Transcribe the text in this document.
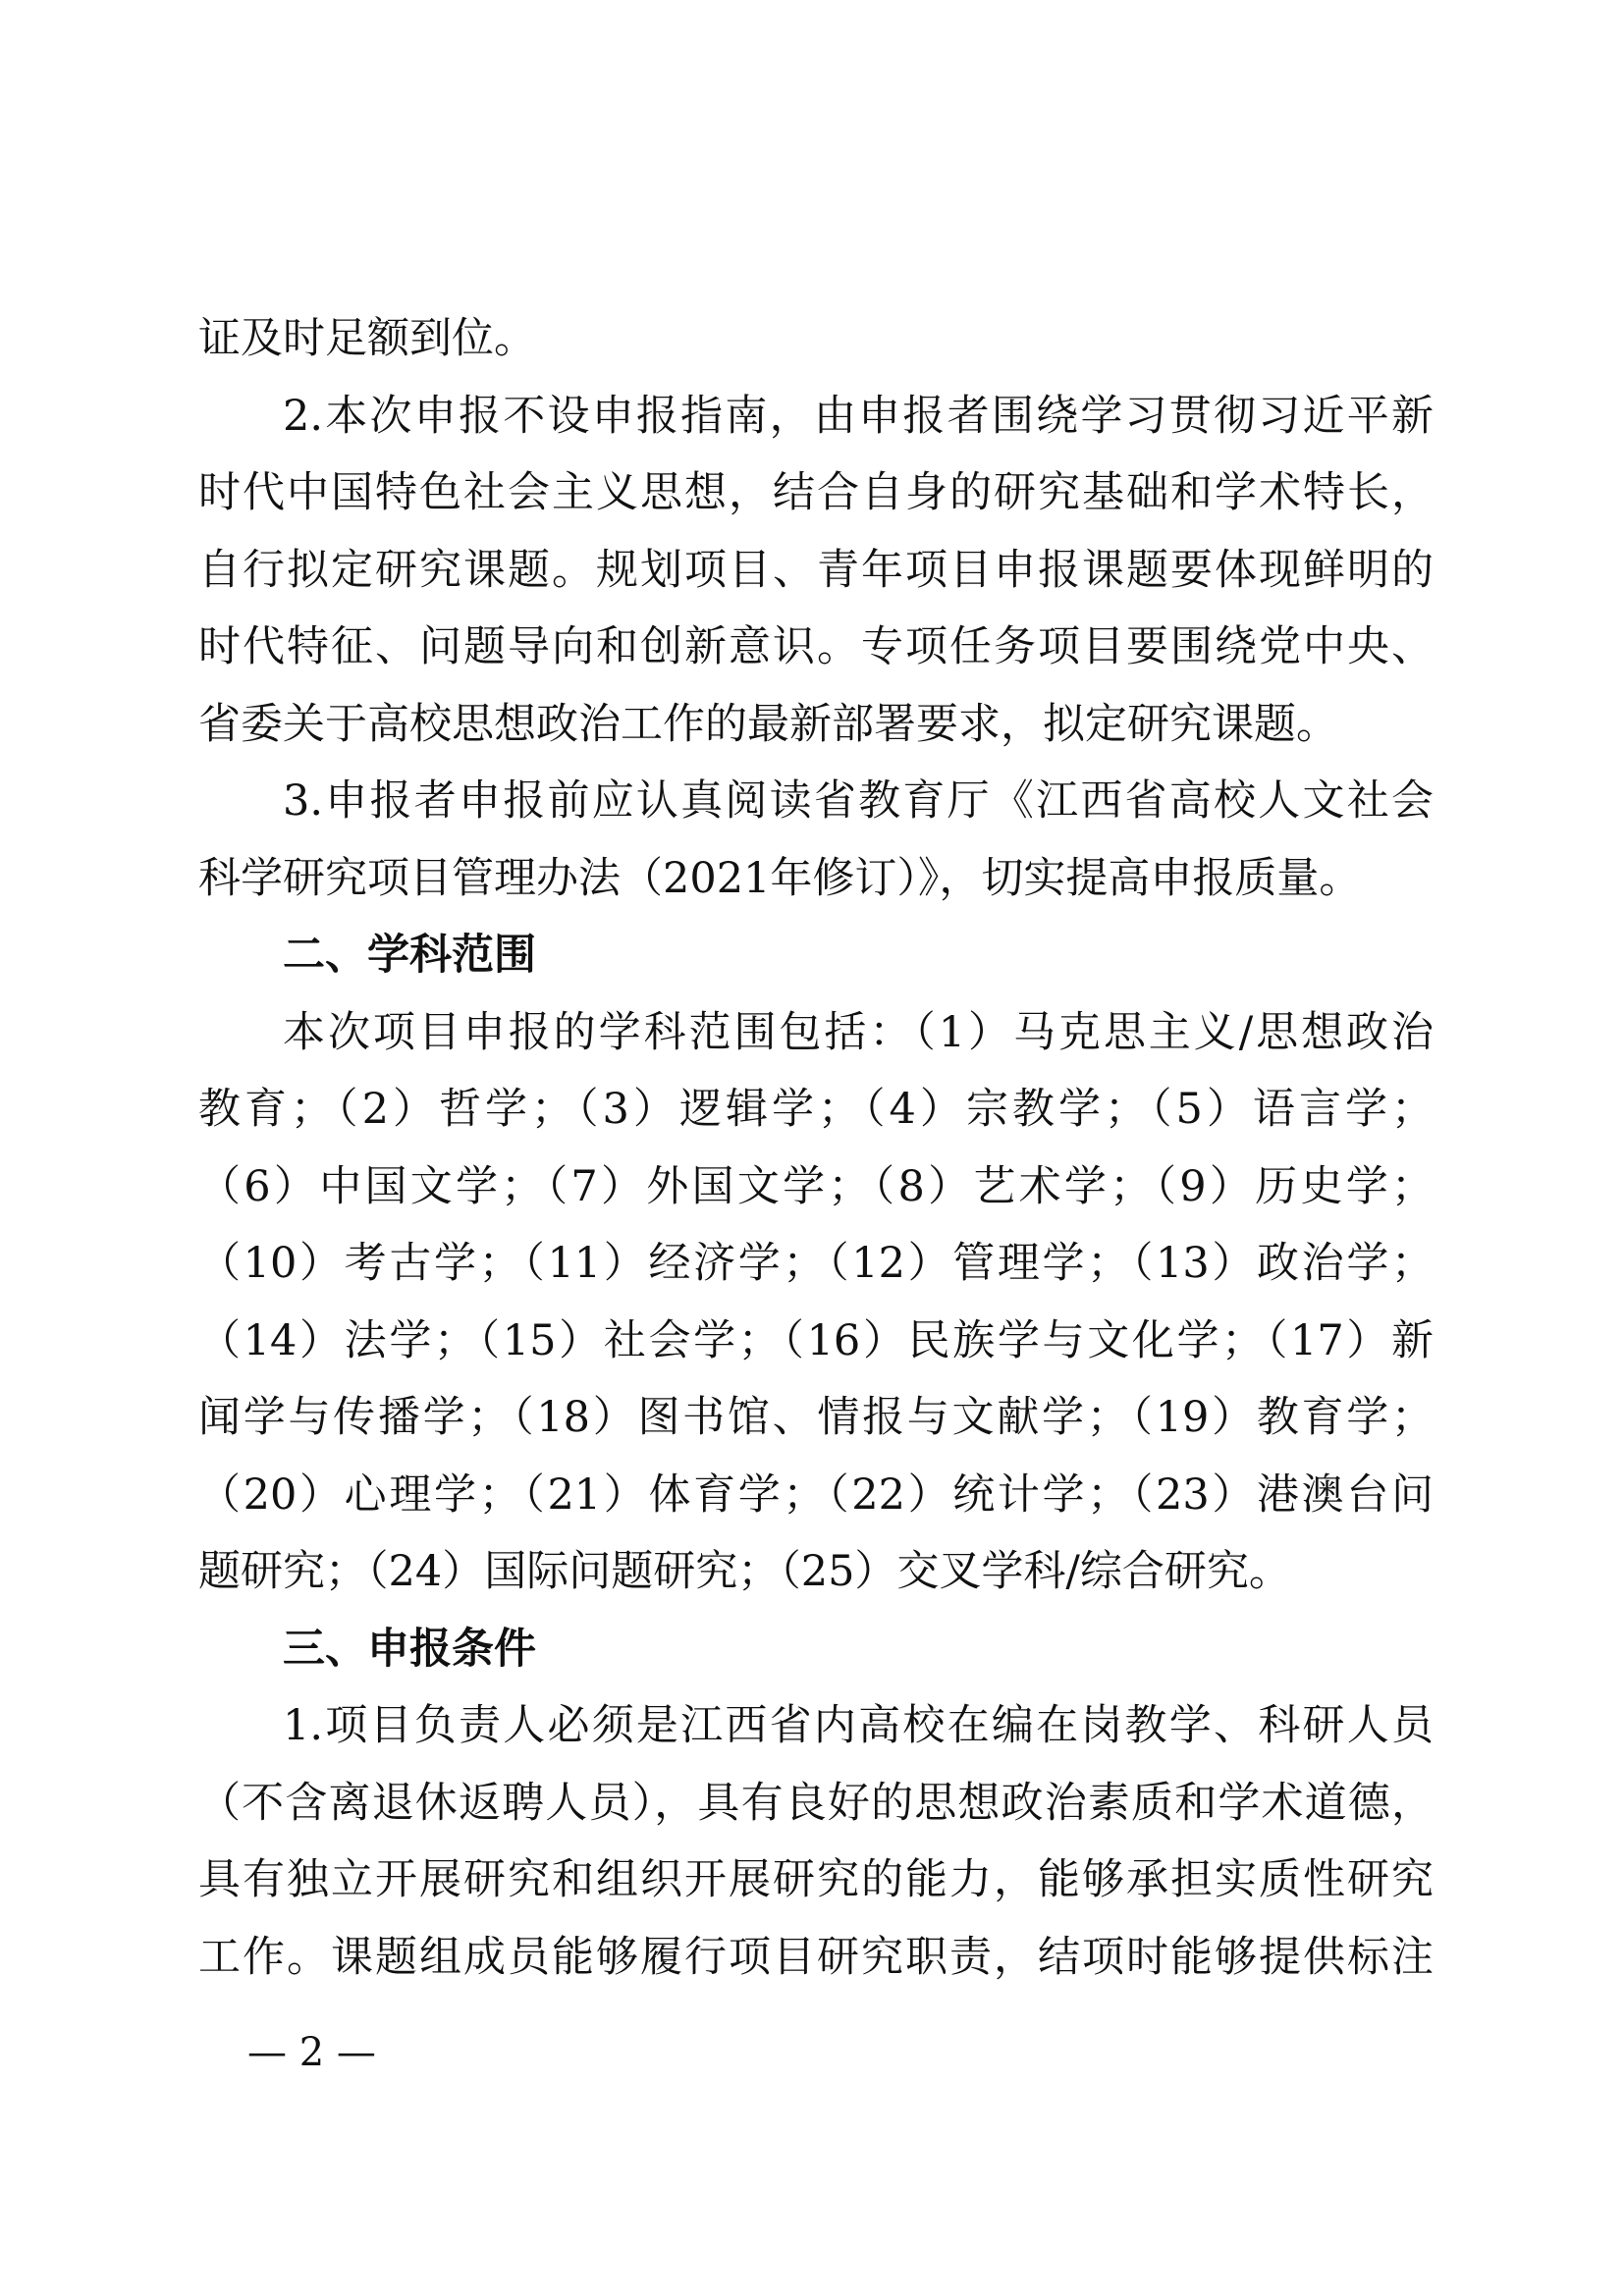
证及时足额到位。
2.本次申报不设申报指南，由申报者围绕学习贯彻习近平新
时代中国特色社会主义思想，结合自身的研究基础和学术特长，
自行拟定研究课题。规划项目、青年项目申报课题要体现鲜明的
时代特征、问题导向和创新意识。专项任务项目要围绕党中央、
省委关于高校思想政治工作的最新部署要求，拟定研究课题。
3.申报者申报前应认真阅读省教育厅《江西省高校人文社会
科学研究项目管理办法（2021年修订）》，切实提高申报质量。
二、学科范围
本次项目申报的学科范围包括：（1）马克思主义/思想政治
教育；（2）哲学；（3）逻辑学；（4）宗教学；（5）语言学；
（6）中国文学；（7）外国文学；（8）艺术学；（9）历史学；
（10）考古学；（11）经济学；（12）管理学；（13）政治学；
（14）法学；（15）社会学；（16）民族学与文化学；（17）新
闻学与传播学；（18）图书馆、情报与文献学；（19）教育学；
（20）心理学；（21）体育学；（22）统计学；（23）港澳台问
题研究；（24）国际问题研究；（25）交叉学科/综合研究。
三、申报条件
1.项目负责人必须是江西省内高校在编在岗教学、科研人员
（不含离退休返聘人员），具有良好的思想政治素质和学术道德，
具有独立开展研究和组织开展研究的能力，能够承担实质性研究
工作。课题组成员能够履行项目研究职责，结项时能够提供标注
— 2 —
